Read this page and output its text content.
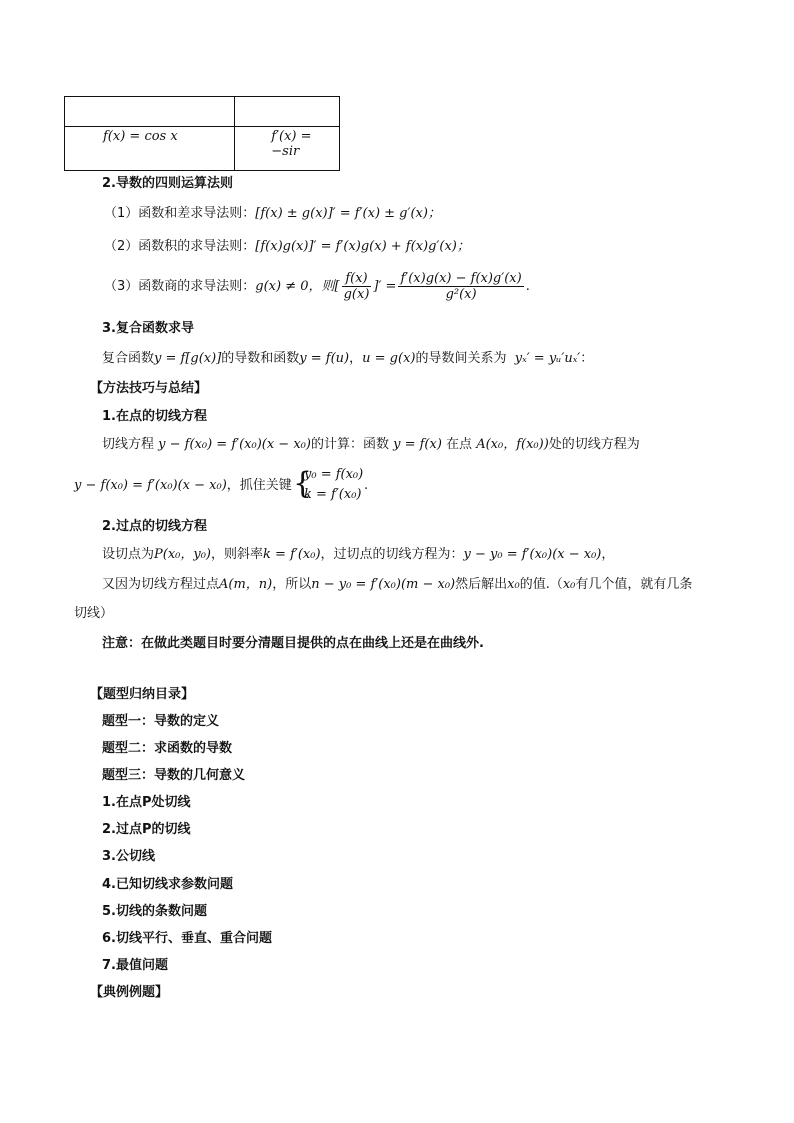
f(x) = cos x	f′(x) = −sir
2.导数的四则运算法则
（1）函数和差求导法则：[f(x) ± g(x)]′ = f′(x) ± g′(x)；
（2）函数积的求导法则：[f(x)g(x)]′ = f′(x)g(x) + f(x)g′(x)；
（3）函数商的求导法则：g(x) ≠ 0，则[ $\frac{f(x)}{g(x)}$ ]′ = $\frac{f'(x)g(x) - f(x)g'(x)}{\text{g²(x)}}$ .
3.复合函数求导
复合函数y = f[g(x)]的导数和函数y = f(u)，u = g(x)的导数间关系为 yₓ′ = yᵤ′uₓ′：
【方法技巧与总结】
1.在点的切线方程
切线方程 y − f(x₀) = f′(x₀)(x − x₀)的计算：函数 y = f(x) 在点 A(x₀，f(x₀))处的切线方程为
y − f(x₀) = f′(x₀)(x − x₀)，抓住关键 {
y₀ = f(x₀)
k = f′(x₀)
.
2.过点的切线方程
设切点为P(x₀，y₀)，则斜率k = f′(x₀)，过切点的切线方程为：y − y₀ = f′(x₀)(x − x₀)，
又因为切线方程过点A(m，n)，所以n − y₀ = f′(x₀)(m − x₀)然后解出x₀的值.（x₀有几个值，就有几条
切线）
注意：在做此类题目时要分清题目提供的点在曲线上还是在曲线外.
【题型归纳目录】
题型一：导数的定义
题型二：求函数的导数
题型三：导数的几何意义
1.在点P处切线
2.过点P的切线
3.公切线
4.已知切线求参数问题
5.切线的条数问题
6.切线平行、垂直、重合问题
7.最值问题
【典例例题】
